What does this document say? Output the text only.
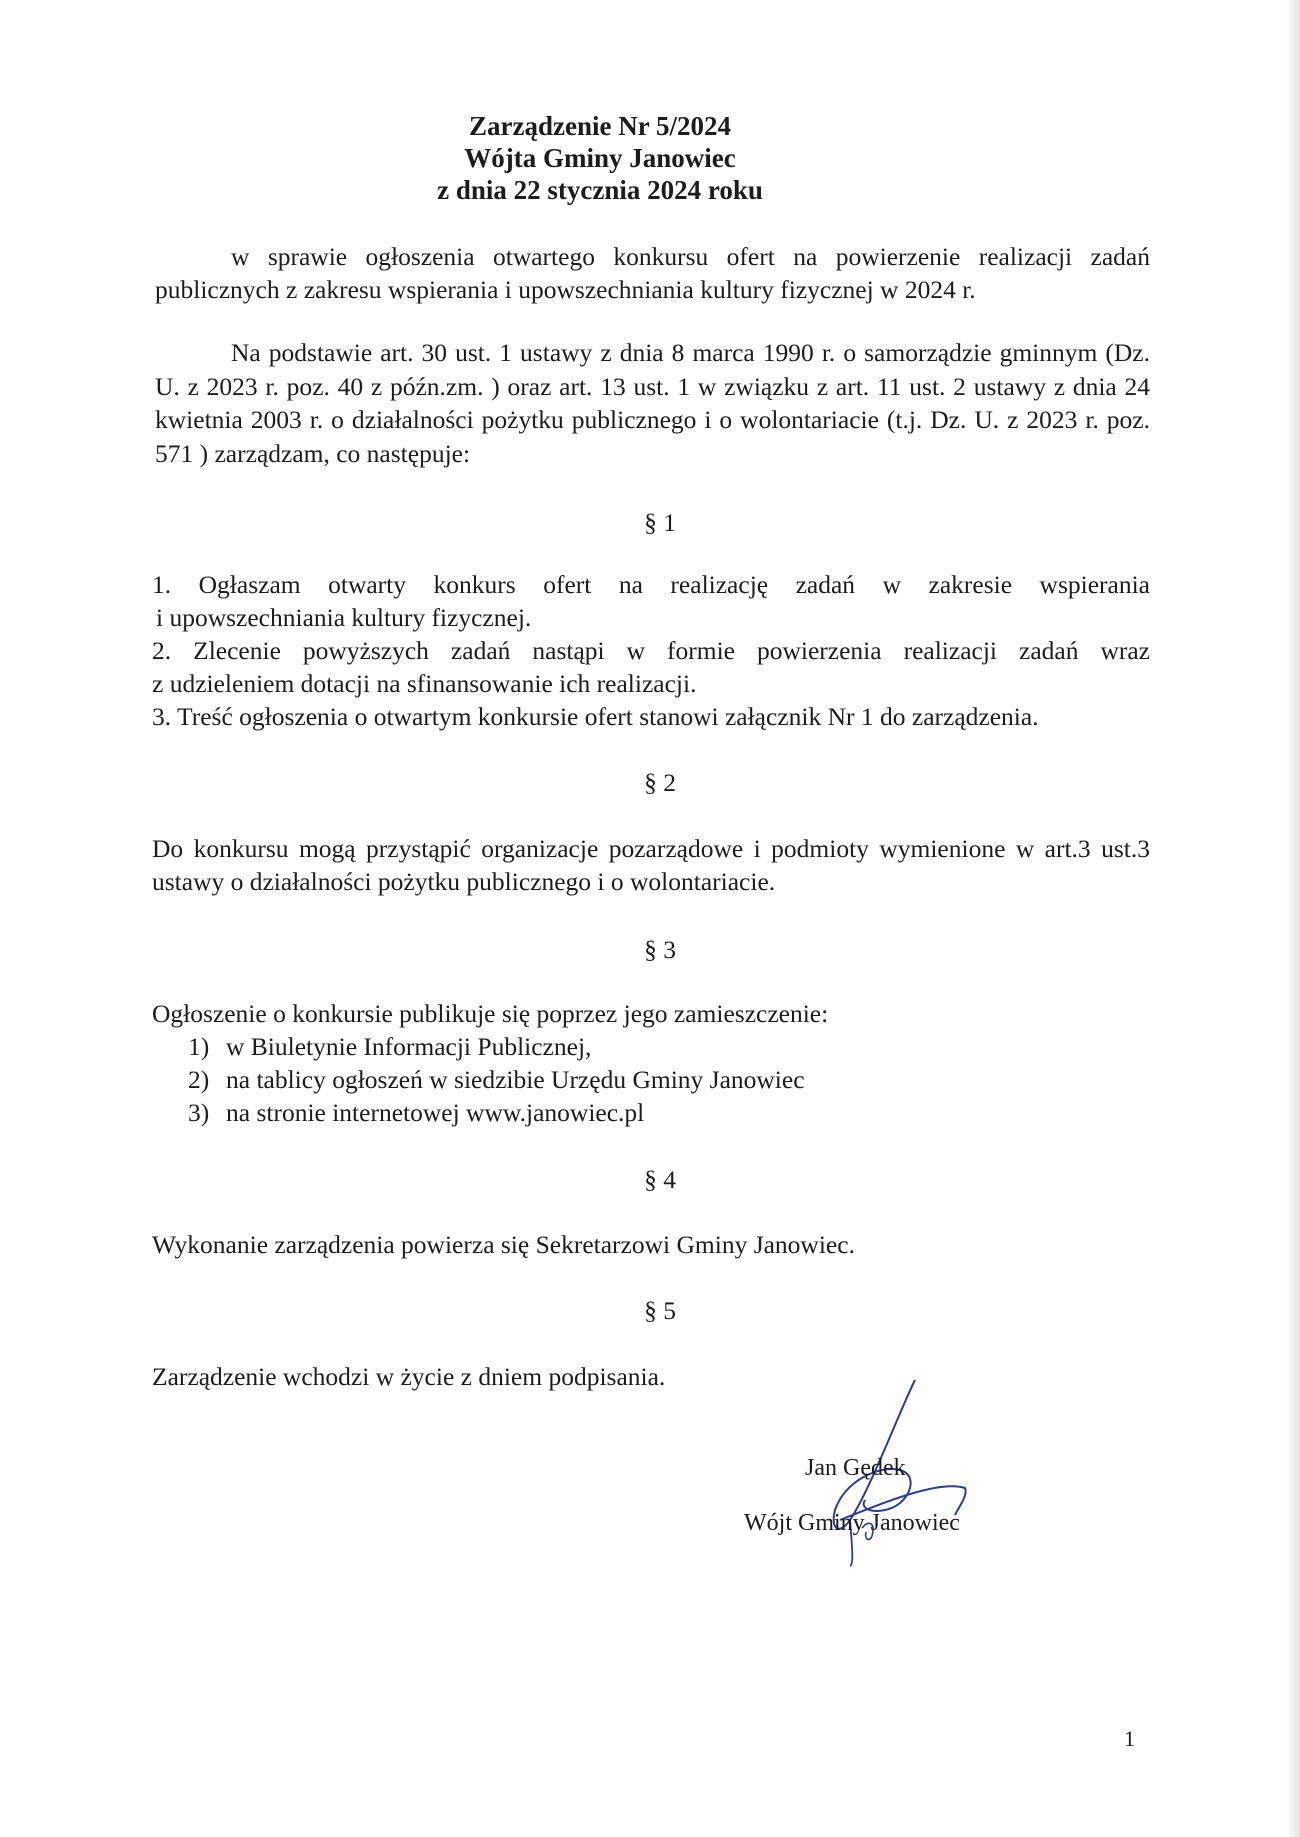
Zarządzenie Nr 5/2024
Wójta Gminy Janowiec
z dnia 22 stycznia 2024 roku
w sprawie ogłoszenia otwartego konkursu ofert na powierzenie realizacji zadań publicznych z zakresu wspierania i upowszechniania kultury fizycznej w 2024 r.
Na podstawie art. 30 ust. 1 ustawy z dnia 8 marca 1990 r. o samorządzie gminnym (Dz. U. z 2023 r. poz. 40 z późn.zm. ) oraz art. 13 ust. 1 w związku z art. 11 ust. 2 ustawy z dnia 24 kwietnia 2003 r. o działalności pożytku publicznego i o wolontariacie (t.j. Dz. U. z 2023 r. poz. 571 ) zarządzam, co następuje:
§ 1
1. Ogłaszam otwarty konkurs ofert na realizację zadań w zakresie wspierania
i upowszechniania kultury fizycznej.
2. Zlecenie powyższych zadań nastąpi w formie powierzenia realizacji zadań wraz
z udzieleniem dotacji na sfinansowanie ich realizacji.
3. Treść ogłoszenia o otwartym konkursie ofert stanowi załącznik Nr 1 do zarządzenia.
§ 2
Do konkursu mogą przystąpić organizacje pozarządowe i podmioty wymienione w art.3 ust.3 ustawy o działalności pożytku publicznego i o wolontariacie.
§ 3
Ogłoszenie o konkursie publikuje się poprzez jego zamieszczenie:
1) w Biuletynie Informacji Publicznej,
2) na tablicy ogłoszeń w siedzibie Urzędu Gminy Janowiec
3) na stronie internetowej www.janowiec.pl
§ 4
Wykonanie zarządzenia powierza się Sekretarzowi Gminy Janowiec.
§ 5
Zarządzenie wchodzi w życie z dniem podpisania.
Jan Gędek
Wójt Gminy Janowiec
1
